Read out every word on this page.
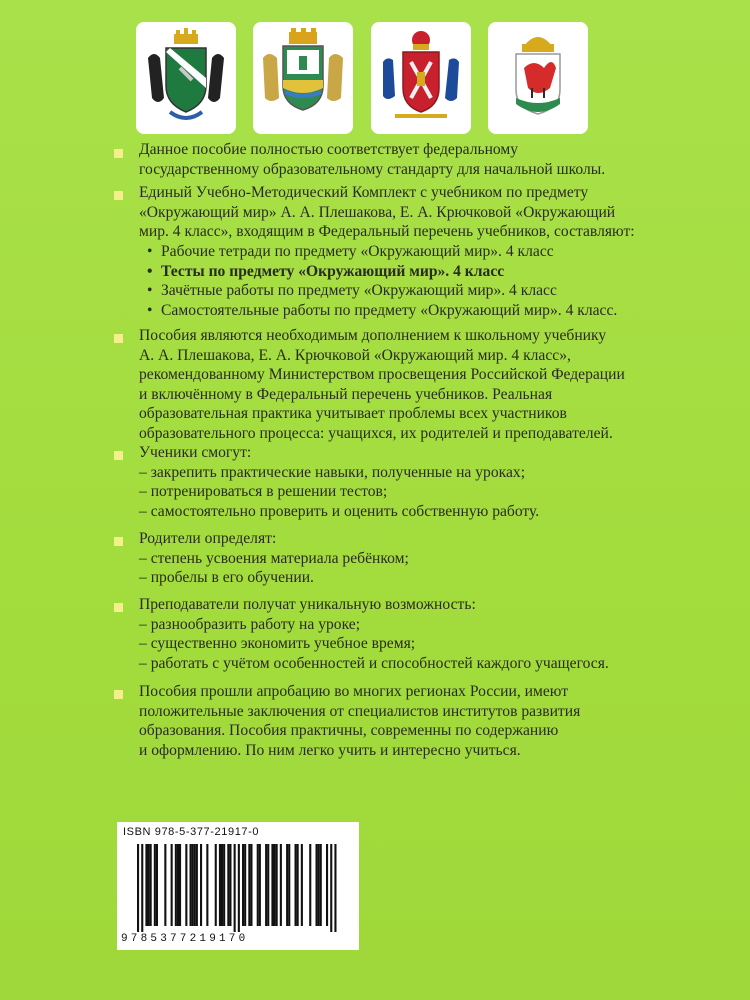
Данное пособие полностью соответствует федеральному
государственному образовательному стандарту для начальной школы.
Единый Учебно-Методический Комплект с учебником по предмету
«Окружающий мир» А. А. Плешакова, Е. А. Крючковой «Окружающий
мир. 4 класс», входящим в Федеральный перечень учебников, составляют:
• Рабочие тетради по предмету «Окружающий мир». 4 класс
• Тесты по предмету «Окружающий мир». 4 класс
• Зачётные работы по предмету «Окружающий мир». 4 класс
• Самостоятельные работы по предмету «Окружающий мир». 4 класс.
Пособия являются необходимым дополнением к школьному учебнику
А. А. Плешакова, Е. А. Крючковой «Окружающий мир. 4 класс»,
рекомендованному Министерством просвещения Российской Федерации
и включённому в Федеральный перечень учебников. Реальная
образовательная практика учитывает проблемы всех участников
образовательного процесса: учащихся, их родителей и преподавателей.
Ученики смогут:
– закрепить практические навыки, полученные на уроках;
– потренироваться в решении тестов;
– самостоятельно проверить и оценить собственную работу.
Родители определят:
– степень усвоения материала ребёнком;
– пробелы в его обучении.
Преподаватели получат уникальную возможность:
– разнообразить работу на уроке;
– существенно экономить учебное время;
– работать с учётом особенностей и способностей каждого учащегося.
Пособия прошли апробацию во многих регионах России, имеют
положительные заключения от специалистов институтов развития
образования. Пособия практичны, современны по содержанию
и оформлению. По ним легко учить и интересно учиться.
ISBN 978-5-377-21917-0
9785377219170
